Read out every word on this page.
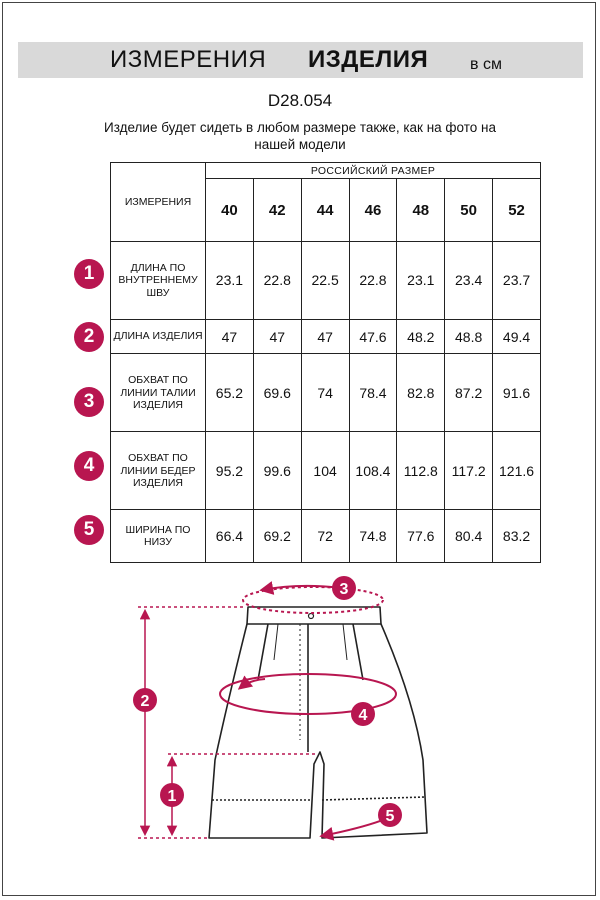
ИЗМЕРЕНИЯ ИЗДЕЛИЯ	в см
D28.054
Изделие будет сидеть в любом размере также, как на фото на нашей модели
ИЗМЕРЕНИЯ	РОССИЙСКИЙ РАЗМЕР						
	40	42	44	46	48	50	52
ДЛИНА ПО ВНУТРЕННЕМУ ШВУ	23.1	22.8	22.5	22.8	23.1	23.4	23.7
ДЛИНА ИЗДЕЛИЯ	47	47	47	47.6	48.2	48.8	49.4
ОБХВАТ ПО ЛИНИИ ТАЛИИ ИЗДЕЛИЯ	65.2	69.6	74	78.4	82.8	87.2	91.6
ОБХВАТ ПО ЛИНИИ БЕДЕР ИЗДЕЛИЯ	95.2	99.6	104	108.4	112.8	117.2	121.6
ШИРИНА ПО НИЗУ	66.4	69.2	72	74.8	77.6	80.4	83.2
1
2
3
4
5
1
2
3
4
5
